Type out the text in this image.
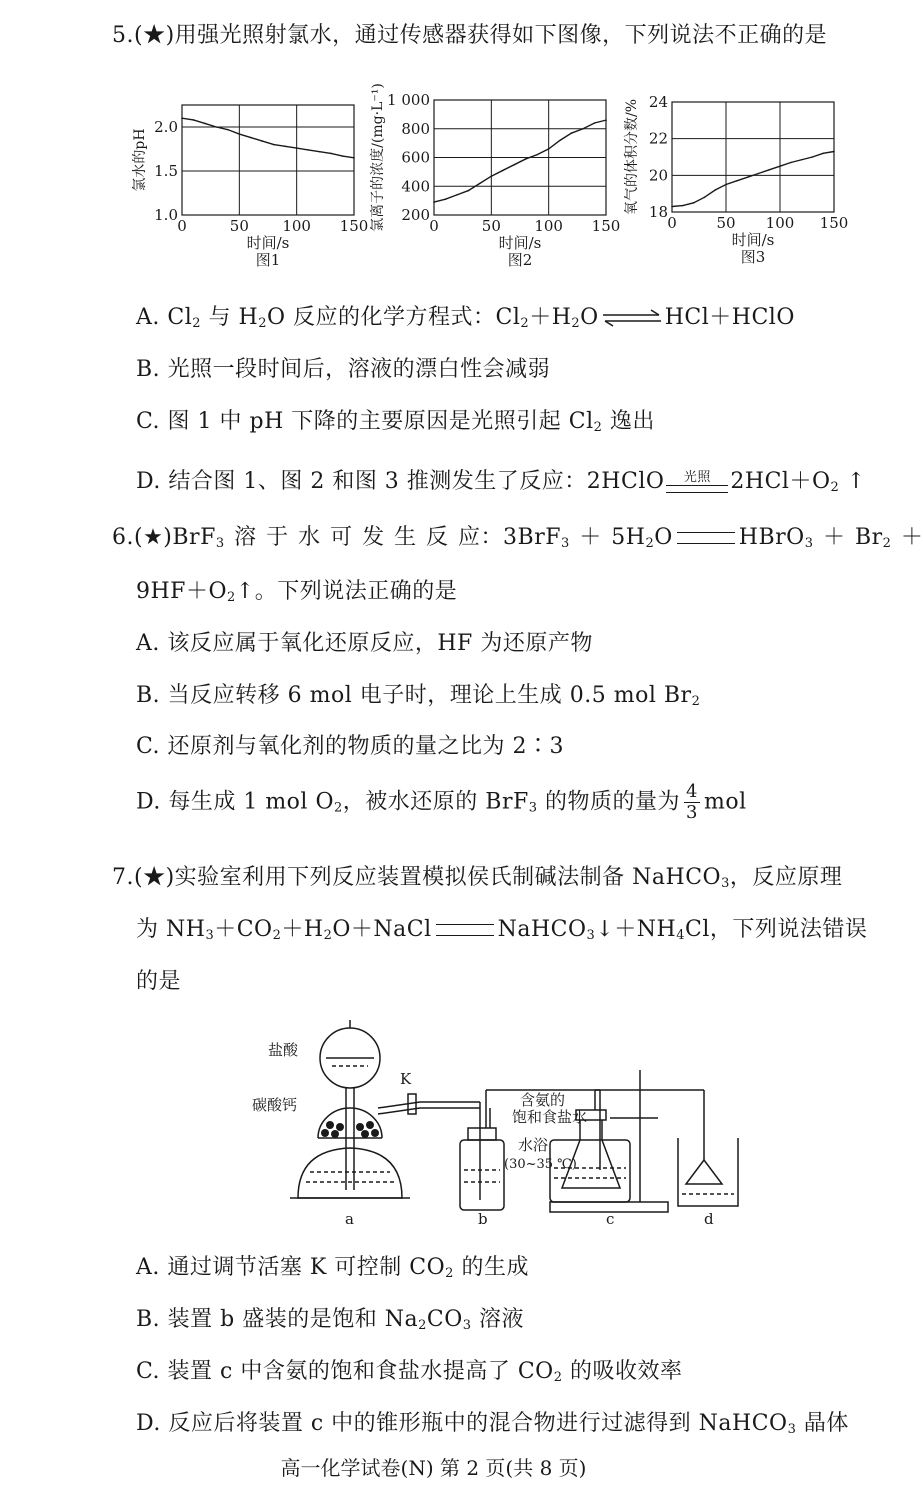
5.(★)用强光照射氯水，通过传感器获得如下图像，下列说法不正确的是
1.0
1.5
2.0
0	50 100 150
时间/s
图1
氯水的pH
200
400
600
800
1 000
0	50 100 150
时间/s
图2
氯离子的浓度/(mg·L⁻¹)	18
20
22
24
0	50 100 150
时间/s
图3
氧气的体积分数/%
A. $Cl_2$ 与 $H_2O$ 反应的化学方程式：$Cl_2+H_2O$ ⇌ HCl＋HClO
B. 光照一段时间后，溶液的漂白性会减弱
C. 图 1 中 pH 下降的主要原因是光照引起 $Cl_2$ 逸出
D. 结合图 1、图 2 和图 3 推测发生了反应：2HClO	光照 $2HCl+O_2$ ↑
6.(★)BrF$_3$ 溶 于 水 可 发 生 反 应：$3BrF_3 + 5H_2O$	HBrO$_3$ ＋ $Br_2$ ＋
$9HF+O_2↑$。下列说法正确的是
A. 该反应属于氧化还原反应，HF 为还原产物
B. 当反应转移 6 mol 电子时，理论上生成 0.5 mol $Br_2$
C. 还原剂与氧化剂的物质的量之比为 2∶3
D. 每生成 1 mol $O_2$，被水还原的 BrF$_3$ 的物质的量为 $\frac{4}{3}$ mol
7.(★)实验室利用下列反应装置模拟侯氏制碱法制备 NaHCO$_3$，反应原理
为 $NH_3+CO_2+H_2O+NaCl$	$NaHCO_3↓+NH_4Cl$，下列说法错误
的是
盐酸
碳酸钙
K
含氨的
饱和食盐水
水浴
(30~35 ℃)
a	b	c	d
A. 通过调节活塞 K 可控制 $CO_2$ 的生成
B. 装置 b 盛装的是饱和 $Na_2CO_3$ 溶液
C. 装置 c 中含氨的饱和食盐水提高了 $CO_2$ 的吸收效率
D. 反应后将装置 c 中的锥形瓶中的混合物进行过滤得到 NaHCO$_3$ 晶体
高一化学试卷(N) 第 2 页(共 8 页)
